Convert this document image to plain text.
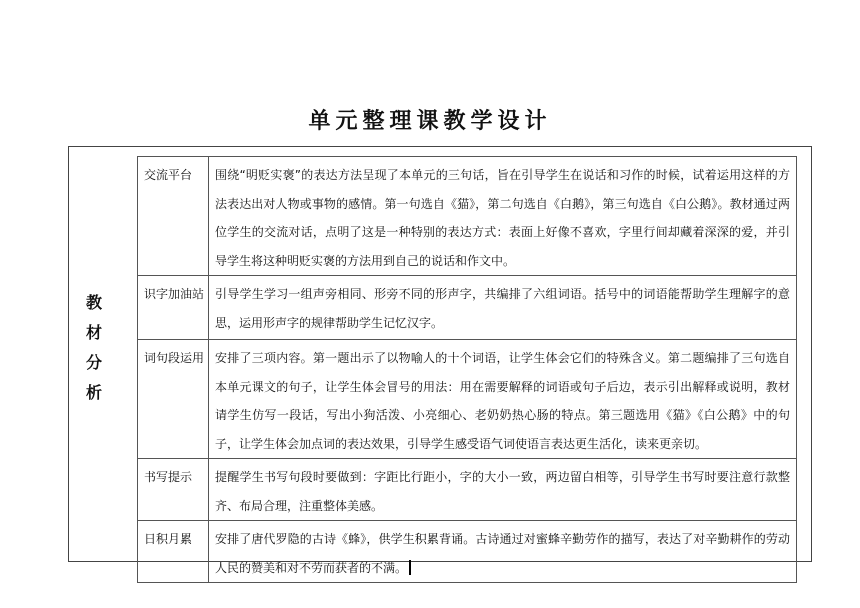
单元整理课教学设计
教材分析
交流平台	围绕“明贬实褒”的表达方法呈现了本单元的三句话，旨在引导学生在说话和习作的时候，试着运用这样的方法表达出对人物或事物的感情。第一句选自《猫》，第二句选自《白鹅》，第三句选自《白公鹅》。教材通过两位学生的交流对话，点明了这是一种特别的表达方式：表面上好像不喜欢，字里行间却藏着深深的爱，并引导学生将这种明贬实褒的方法用到自己的说话和作文中。
识字加油站	引导学生学习一组声旁相同、形旁不同的形声字，共编排了六组词语。括号中的词语能帮助学生理解字的意思，运用形声字的规律帮助学生记忆汉字。
词句段运用	安排了三项内容。第一题出示了以物喻人的十个词语，让学生体会它们的特殊含义。第二题编排了三句选自本单元课文的句子，让学生体会冒号的用法：用在需要解释的词语或句子后边，表示引出解释或说明，教材请学生仿写一段话，写出小狗活泼、小亮细心、老奶奶热心肠的特点。第三题选用《猫》《白公鹅》中的句子，让学生体会加点词的表达效果，引导学生感受语气词使语言表达更生活化，读来更亲切。
书写提示	提醒学生书写句段时要做到：字距比行距小，字的大小一致，两边留白相等，引导学生书写时要注意行款整齐、布局合理，注重整体美感。
日积月累	安排了唐代罗隐的古诗《蜂》，供学生积累背诵。古诗通过对蜜蜂辛勤劳作的描写，表达了对辛勤耕作的劳动人民的赞美和对不劳而获者的不满。
